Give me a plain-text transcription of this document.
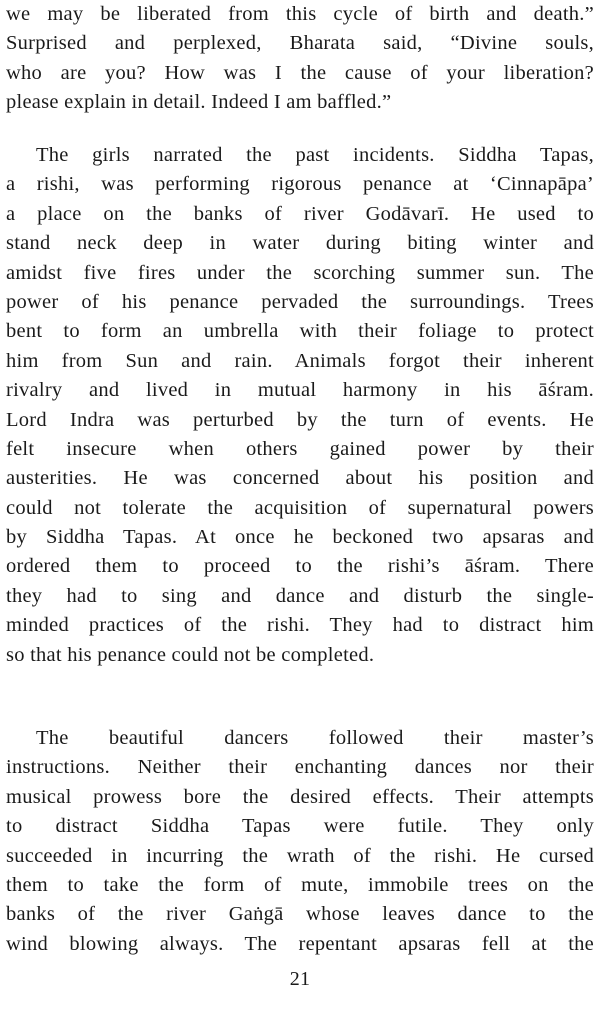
we may be liberated from this cycle of birth and death.”
Surprised and perplexed, Bharata said, “Divine souls,
who are you? How was I the cause of your liberation?
please explain in detail. Indeed I am baffled.”
The girls narrated the past incidents. Siddha Tapas,
a rishi, was performing rigorous penance at ‘Cinnapāpa’
a place on the banks of river Godāvarī. He used to
stand neck deep in water during biting winter and
amidst five fires under the scorching summer sun. The
power of his penance pervaded the surroundings. Trees
bent to form an umbrella with their foliage to protect
him from Sun and rain. Animals forgot their inherent
rivalry and lived in mutual harmony in his āśram.
Lord Indra was perturbed by the turn of events. He
felt insecure when others gained power by their
austerities. He was concerned about his position and
could not tolerate the acquisition of supernatural powers
by Siddha Tapas. At once he beckoned two apsaras and
ordered them to proceed to the rishi’s āśram. There
they had to sing and dance and disturb the single-
minded practices of the rishi. They had to distract him
so that his penance could not be completed.
The beautiful dancers followed their master’s
instructions. Neither their enchanting dances nor their
musical prowess bore the desired effects. Their attempts
to distract Siddha Tapas were futile. They only
succeeded in incurring the wrath of the rishi. He cursed
them to take the form of mute, immobile trees on the
banks of the river Gaṅgā whose leaves dance to the
wind blowing always. The repentant apsaras fell at the
21
